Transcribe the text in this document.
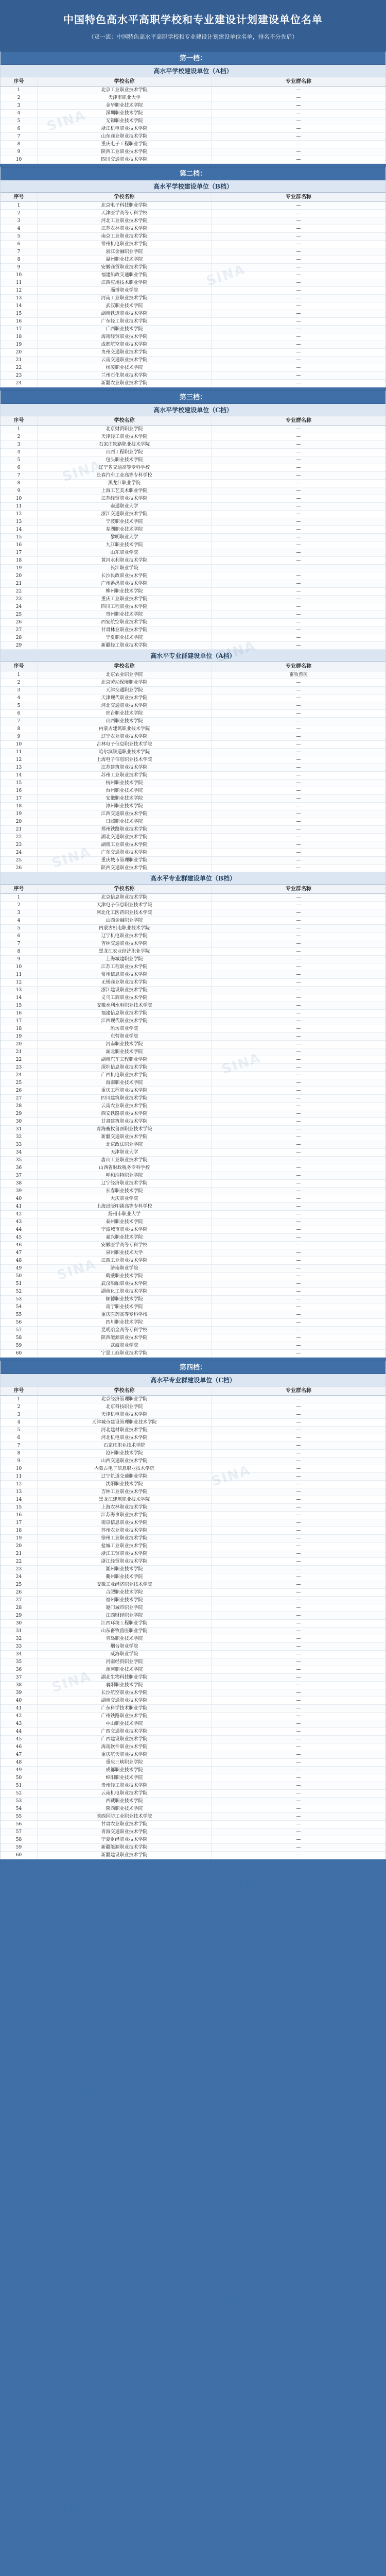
中国特色高水平高职学校和专业建设计划建设单位名单
（双一流：中国特色高水平高职学校和专业建设计划建设单位名单，排名不分先后）
第一档：
高水平学校建设单位（A档）
序号	学校名称	专业群名称
1	北京工业职业技术学院	—
2	天津市职业大学	—
3	金华职业技术学院	—
4	深圳职业技术学院	—
5	无锡职业技术学院	—
6	浙江机电职业技术学院	—
7	山东商业职业技术学院	—
8	重庆电子工程职业学院	—
9	陕西工业职业技术学院	—
10	四川交通职业技术学院	—
第二档：
高水平学校建设单位（B档）
序号	学校名称	专业群名称
1	北京电子科技职业学院	—
2	天津医学高等专科学校	—
3	河北工业职业技术学院	—
4	江苏农林职业技术学院	—
5	南京工业职业技术学院	—
6	常州机电职业技术学院	—
7	浙江金融职业学院	—
8	温州职业技术学院	—
9	安徽商贸职业技术学院	—
10	福建船政交通职业学院	—
11	江西应用技术职业学院	—
12	淄博职业学院	—
13	河南工业职业技术学院	—
14	武汉职业技术学院	—
15	湖南铁道职业技术学院	—
16	广东轻工职业技术学院	—
17	广西职业技术学院	—
18	海南经贸职业技术学院	—
19	成都航空职业技术学院	—
20	贵州交通职业技术学院	—
21	云南交通职业技术学院	—
22	杨凌职业技术学院	—
23	兰州石化职业技术学院	—
24	新疆农业职业技术学院	—
第三档：
高水平学校建设单位（C档）
序号	学校名称	专业群名称
1	北京财贸职业学院	—
2	天津轻工职业技术学院	—
3	石家庄铁路职业技术学院	—
4	山西工程职业学院	—
5	包头职业技术学院	—
6	辽宁省交通高等专科学校	—
7	长春汽车工业高等专科学校	—
8	黑龙江职业学院	—
9	上海工艺美术职业学院	—
10	江苏经贸职业技术学院	—
11	南通职业大学	—
12	浙江交通职业技术学院	—
13	宁波职业技术学院	—
14	芜湖职业技术学院	—
15	黎明职业大学	—
16	九江职业技术学院	—
17	山东职业学院	—
18	黄河水利职业技术学院	—
19	长江职业学院	—
20	长沙民政职业技术学院	—
21	广州番禺职业技术学院	—
22	柳州职业技术学院	—
23	重庆工业职业技术学院	—
24	四川工程职业技术学院	—
25	贵州职业技术学院	—
26	西安航空职业技术学院	—
27	甘肃林业职业技术学院	—
28	宁夏职业技术学院	—
29	新疆轻工职业技术学院	—
高水平专业群建设单位（A档）
序号	学校名称	专业群名称
1	北京农业职业学院	畜牧兽医
2	北京劳动保障职业学院	—
3	天津交通职业学院	—
4	天津现代职业技术学院	—
5	河北交通职业技术学院	—
6	邢台职业技术学院	—
7	山西职业技术学院	—
8	内蒙古建筑职业技术学院	—
9	辽宁农业职业技术学院	—
10	吉林电子信息职业技术学院	—
11	哈尔滨铁道职业技术学院	—
12	上海电子信息职业技术学院	—
13	江苏建筑职业技术学院	—
14	苏州工业职业技术学院	—
15	杭州职业技术学院	—
16	台州职业技术学院	—
17	安徽职业技术学院	—
18	漳州职业技术学院	—
19	江西交通职业技术学院	—
20	日照职业技术学院	—
21	郑州铁路职业技术学院	—
22	湖北交通职业技术学院	—
23	湖南工业职业技术学院	—
24	广东交通职业技术学院	—
25	重庆城市管理职业学院	—
26	陕西交通职业技术学院	—
高水平专业群建设单位（B档）
序号	学校名称	专业群名称
1	北京信息职业技术学院	—
2	天津电子信息职业技术学院	—
3	河北化工医药职业技术学院	—
4	山西金融职业学院	—
5	内蒙古机电职业技术学院	—
6	辽宁机电职业技术学院	—
7	吉林交通职业技术学院	—
8	黑龙江农业经济职业学院	—
9	上海城建职业学院	—
10	江苏工程职业技术学院	—
11	常州信息职业技术学院	—
12	无锡商业职业技术学院	—
13	浙江建设职业技术学院	—
14	义乌工商职业技术学院	—
15	安徽水利水电职业技术学院	—
16	福建信息职业技术学院	—
17	江西现代职业技术学院	—
18	潍坊职业学院	—
19	东营职业学院	—
20	河南职业技术学院	—
21	湖北职业技术学院	—
22	湖南汽车工程职业学院	—
23	深圳信息职业技术学院	—
24	广西机电职业技术学院	—
25	海南职业技术学院	—
26	重庆工程职业技术学院	—
27	四川建筑职业技术学院	—
28	云南农业职业技术学院	—
29	西安铁路职业技术学院	—
30	甘肃建筑职业技术学院	—
31	青海畜牧兽医职业技术学院	—
32	新疆交通职业技术学院	—
33	北京政法职业学院	—
34	天津职业大学	—
35	唐山工业职业技术学院	—
36	山西省财政税务专科学校	—
37	呼和浩特职业学院	—
38	辽宁经济职业技术学院	—
39	长春职业技术学院	—
40	大庆职业学院	—
41	上海出版印刷高等专科学校	—
42	扬州市职业大学	—
43	泰州职业技术学院	—
44	宁波城市职业技术学院	—
45	嘉兴职业技术学院	—
46	安徽医学高等专科学校	—
47	泉州职业技术大学	—
48	江西工业职业技术学院	—
49	济南职业学院	—
50	鹤壁职业技术学院	—
51	武汉船舶职业技术学院	—
52	湖南化工职业技术学院	—
53	顺德职业技术学院	—
54	南宁职业技术学院	—
55	重庆医药高等专科学校	—
56	四川职业技术学院	—
57	昆明冶金高等专科学校	—
58	陕西能源职业技术学院	—
59	武威职业学院	—
60	宁夏工商职业技术学院	—
第四档：
高水平专业群建设单位（C档）
序号	学校名称	专业群名称
1	北京经济管理职业学院	—
2	北京科技职业学院	—
3	天津机电职业技术学院	—
4	天津城市建设管理职业技术学院	—
5	河北建材职业技术学院	—
6	河北机电职业技术学院	—
7	石家庄职业技术学院	—
8	沧州职业技术学院	—
9	山西交通职业技术学院	—
10	内蒙古电子信息职业技术学院	—
11	辽宁轨道交通职业学院	—
12	沈阳职业技术学院	—
13	吉林工业职业技术学院	—
14	黑龙江建筑职业技术学院	—
15	上海农林职业技术学院	—
16	江苏海事职业技术学院	—
17	南京信息职业技术学院	—
18	苏州农业职业技术学院	—
19	徐州工业职业技术学院	—
20	盐城工业职业技术学院	—
21	浙江工贸职业技术学院	—
22	浙江经贸职业技术学院	—
23	湖州职业技术学院	—
24	衢州职业技术学院	—
25	安徽工业经济职业技术学院	—
26	合肥职业技术学院	—
27	福州职业技术学院	—
28	厦门城市职业学院	—
29	江西财经职业学院	—
30	江西环境工程职业学院	—
31	山东畜牧兽医职业学院	—
32	青岛职业技术学院	—
33	烟台职业学院	—
34	威海职业学院	—
35	河南经贸职业学院	—
36	漯河职业技术学院	—
37	湖北生物科技职业学院	—
38	襄阳职业技术学院	—
39	长沙航空职业技术学院	—
40	湖南交通职业技术学院	—
41	广东科学技术职业学院	—
42	广州铁路职业技术学院	—
43	中山职业技术学院	—
44	广西交通职业技术学院	—
45	广西建设职业技术学院	—
46	海南软件职业技术学院	—
47	重庆航天职业技术学院	—
48	重庆三峡职业学院	—
49	成都职业技术学院	—
50	绵阳职业技术学院	—
51	贵州轻工职业技术学院	—
52	云南机电职业技术学院	—
53	西藏职业技术学院	—
54	陕西职业技术学院	—
55	陕西国防工业职业技术学院	—
56	甘肃农业职业技术学院	—
57	青海交通职业技术学院	—
58	宁夏财经职业技术学院	—
59	新疆能源职业技术学院	—
60	新疆建设职业技术学院	—
SINA
SINA
SINA
SINA
